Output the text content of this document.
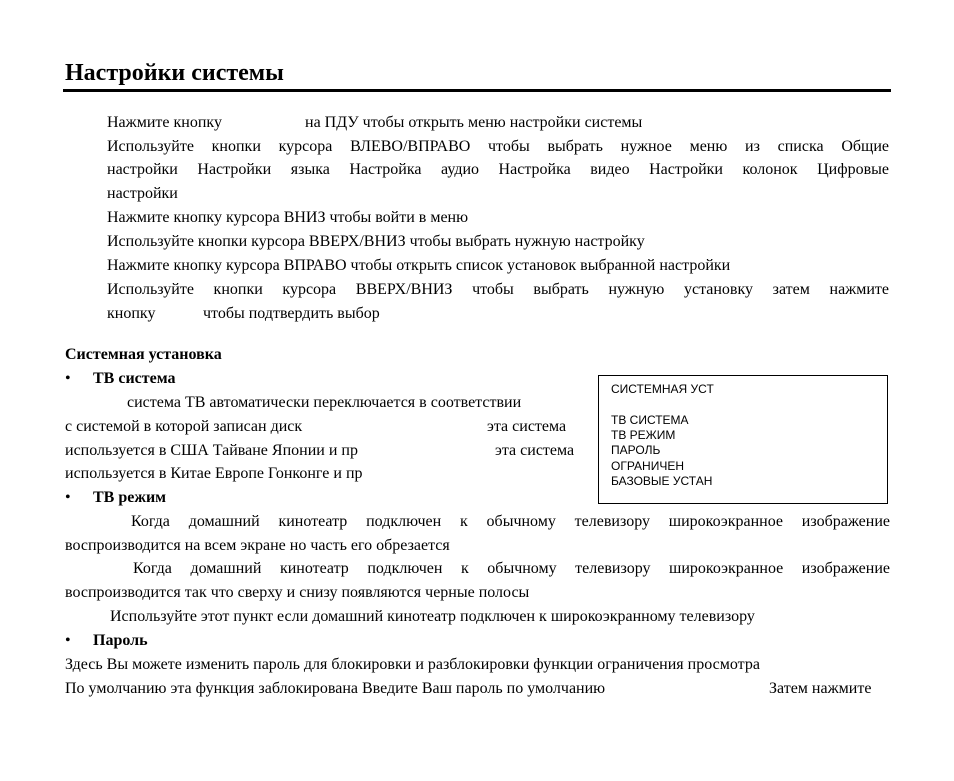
Настройки системы
Нажмите кнопку	на ПДУ чтобы открыть меню настройки системы
Используйте кнопки курсора ВЛЕВО/ВПРАВО чтобы выбрать нужное меню из списка Общие
настройки Настройки языка Настройка аудио Настройка видео Настройки колонок Цифровые
настройки
Нажмите кнопку курсора ВНИЗ чтобы войти в меню
Используйте кнопки курсора ВВЕРХ/ВНИЗ чтобы выбрать нужную настройку
Нажмите кнопку курсора ВПРАВО чтобы открыть список установок выбранной настройки
Используйте кнопки курсора ВВЕРХ/ВНИЗ чтобы выбрать нужную установку затем нажмите
кнопку	чтобы подтвердить выбор
Системная установка
• ТВ система
система ТВ автоматически переключается в соответствии
с системой в которой записан диск	эта система
используется в США Тайване Японии и пр	эта система
используется в Китае Европе Гонконге и пр
СИСТЕМНАЯ УСТ
ТВ СИСТЕМА
ТВ РЕЖИМ
ПАРОЛЬ
ОГРАНИЧЕН
БАЗОВЫЕ УСТАН
• ТВ режим
Когда домашний кинотеатр подключен к обычному телевизору широкоэкранное изображение
воспроизводится на всем экране но часть его обрезается
Когда домашний кинотеатр подключен к обычному телевизору широкоэкранное изображение
воспроизводится так что сверху и снизу появляются черные полосы
Используйте этот пункт если домашний кинотеатр подключен к широкоэкранному телевизору
• Пароль
Здесь Вы можете изменить пароль для блокировки и разблокировки функции ограничения просмотра
По умолчанию эта функция заблокирована Введите Ваш пароль по умолчанию	Затем нажмите
